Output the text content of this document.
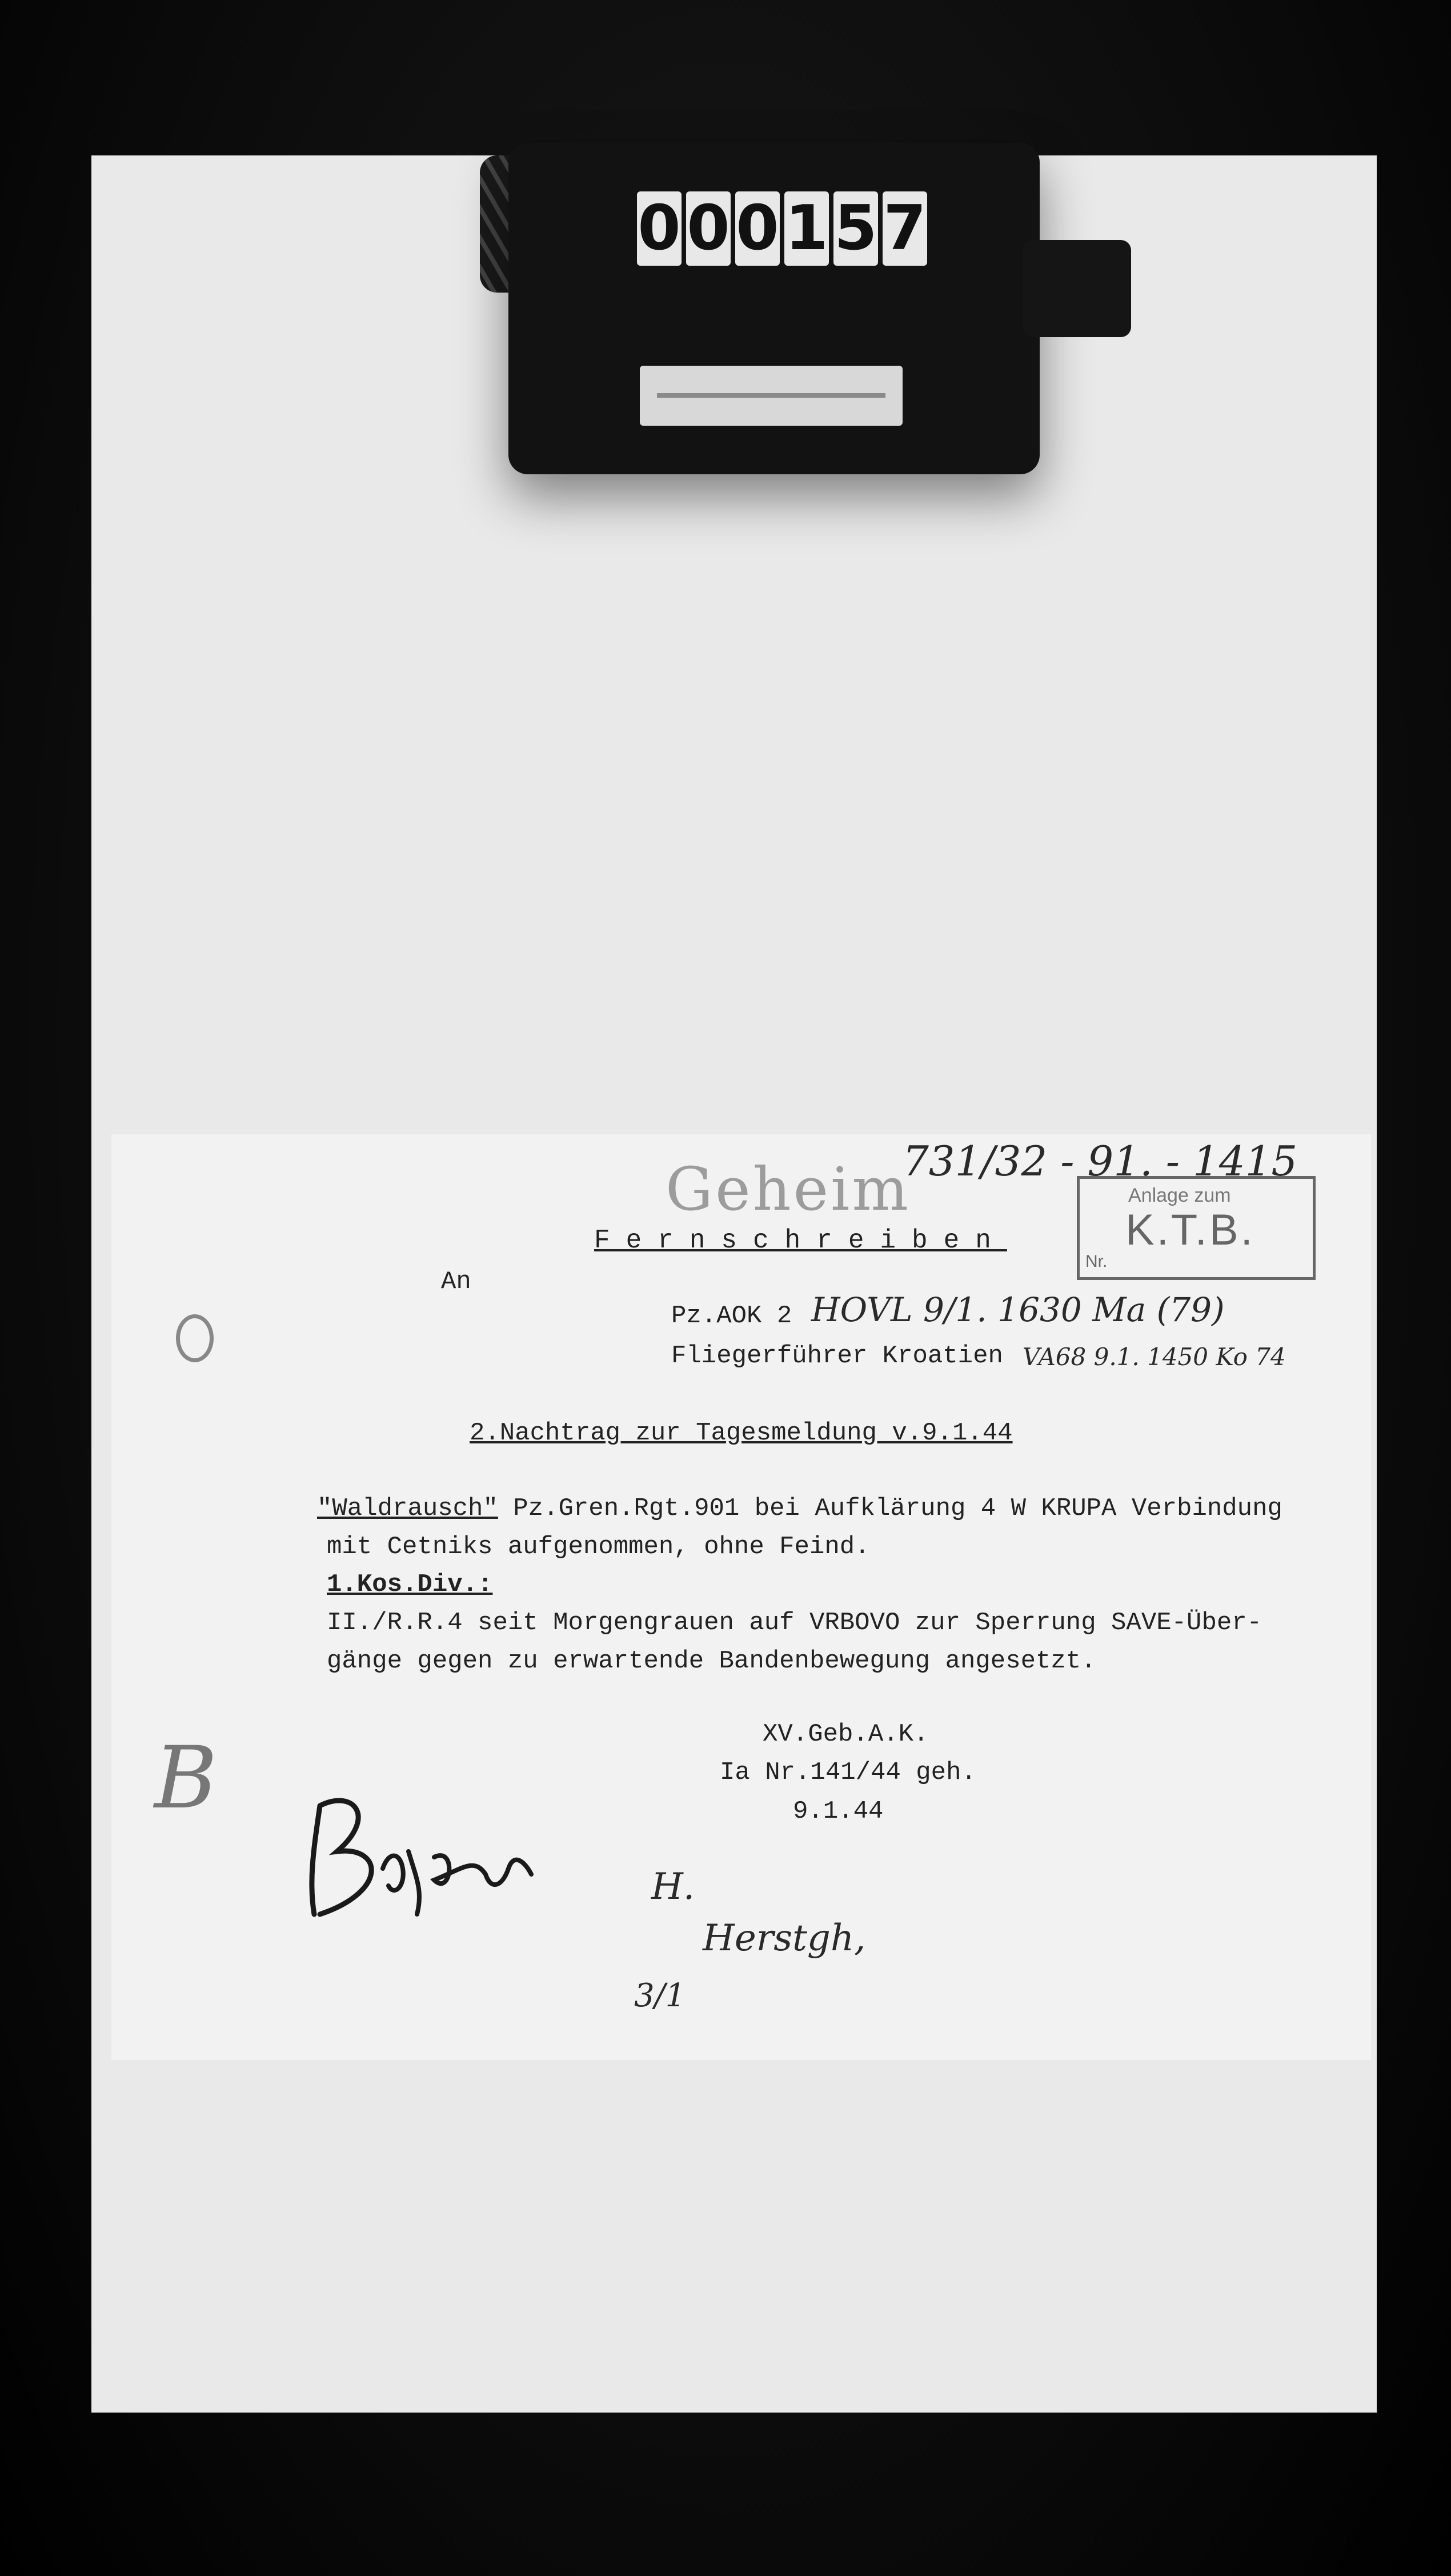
0 0 0 1 5 7

Geheim	Anlage zum
K.T.B.
Nr.

731/32 - 91. - 1415

Fernschreiben

An

Pz.AOK 2 HOVL 9/1. 1630 Ma (79)

Fliegerführer Kroatien VA68 9.1. 1450 Ko 74

2.Nachtrag zur Tagesmeldung v.9.1.44

"Waldrausch" Pz.Gren.Rgt.901 bei Aufklärung 4 W KRUPA Verbindung

mit Cetniks aufgenommen, ohne Feind.

1.Kos.Div.:

II./R.R.4 seit Morgengrauen auf VRBOVO zur Sperrung SAVE-Über-

gänge gegen zu erwartende Bandenbewegung angesetzt.

XV.Geb.A.K.

Ia Nr.141/44 geh.

9.1.44

B

H.

Herstgh,

3/1
